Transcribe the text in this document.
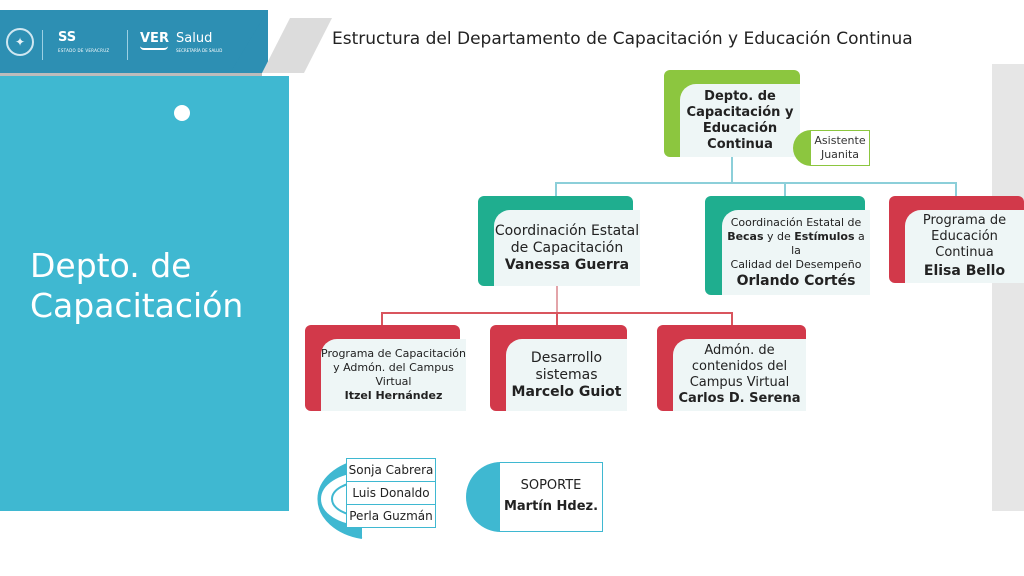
✦	SS
ESTADO DE VERACRUZ
VER Salud
SECRETARÍA DE SALUD
Estructura del Departamento de Capacitación y Educación Continua
Depto. de
Capacitación
Depto. de
Capacitación y
Educación
Continua	Asistente
Juanita
Coordinación Estatal
de Capacitación
Vanessa Guerra
Coordinación Estatal de
Becas y de Estímulos a la
Calidad del Desempeño
Orlando Cortés
Programa de
Educación Continua
Elisa Bello
Programa de Capacitación
y Admón. del Campus
Virtual
Itzel Hernández
Desarrollo
sistemas
Marcelo Guiot
Admón. de
contenidos del
Campus Virtual
Carlos D. Serena
Sonja Cabrera
Luis Donaldo
Perla Guzmán
SOPORTE
Martín Hdez.
